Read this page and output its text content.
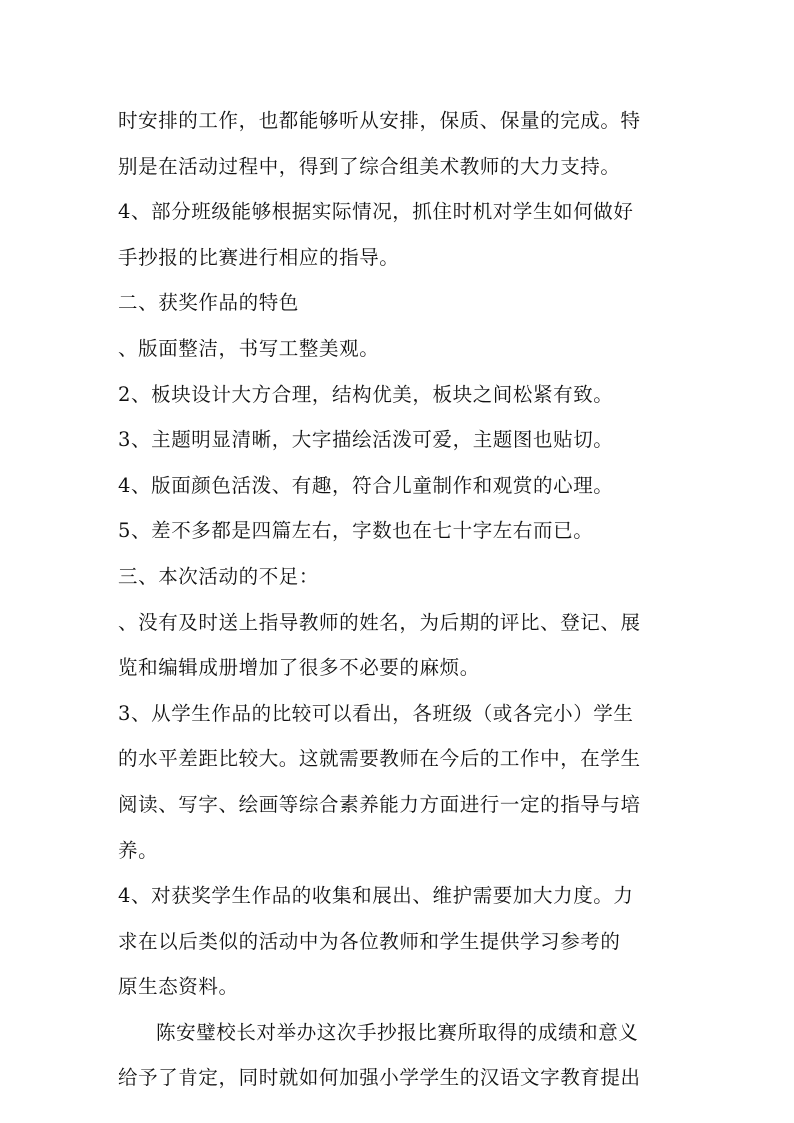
时安排的工作，也都能够听从安排，保质、保量的完成。特
别是在活动过程中，得到了综合组美术教师的大力支持。
4、部分班级能够根据实际情况，抓住时机对学生如何做好
手抄报的比赛进行相应的指导。
二、获奖作品的特色
、版面整洁，书写工整美观。
2、板块设计大方合理，结构优美，板块之间松紧有致。
3、主题明显清晰，大字描绘活泼可爱，主题图也贴切。
4、版面颜色活泼、有趣，符合儿童制作和观赏的心理。
5、差不多都是四篇左右，字数也在七十字左右而已。
三、本次活动的不足：
、没有及时送上指导教师的姓名，为后期的评比、登记、展
览和编辑成册增加了很多不必要的麻烦。
3、从学生作品的比较可以看出，各班级（或各完小）学生
的水平差距比较大。这就需要教师在今后的工作中，在学生
阅读、写字、绘画等综合素养能力方面进行一定的指导与培
养。
4、对获奖学生作品的收集和展出、维护需要加大力度。力
求在以后类似的活动中为各位教师和学生提供学习参考的
原生态资料。
陈安璧校长对举办这次手抄报比赛所取得的成绩和意义
给予了肯定，同时就如何加强小学学生的汉语文字教育提出
